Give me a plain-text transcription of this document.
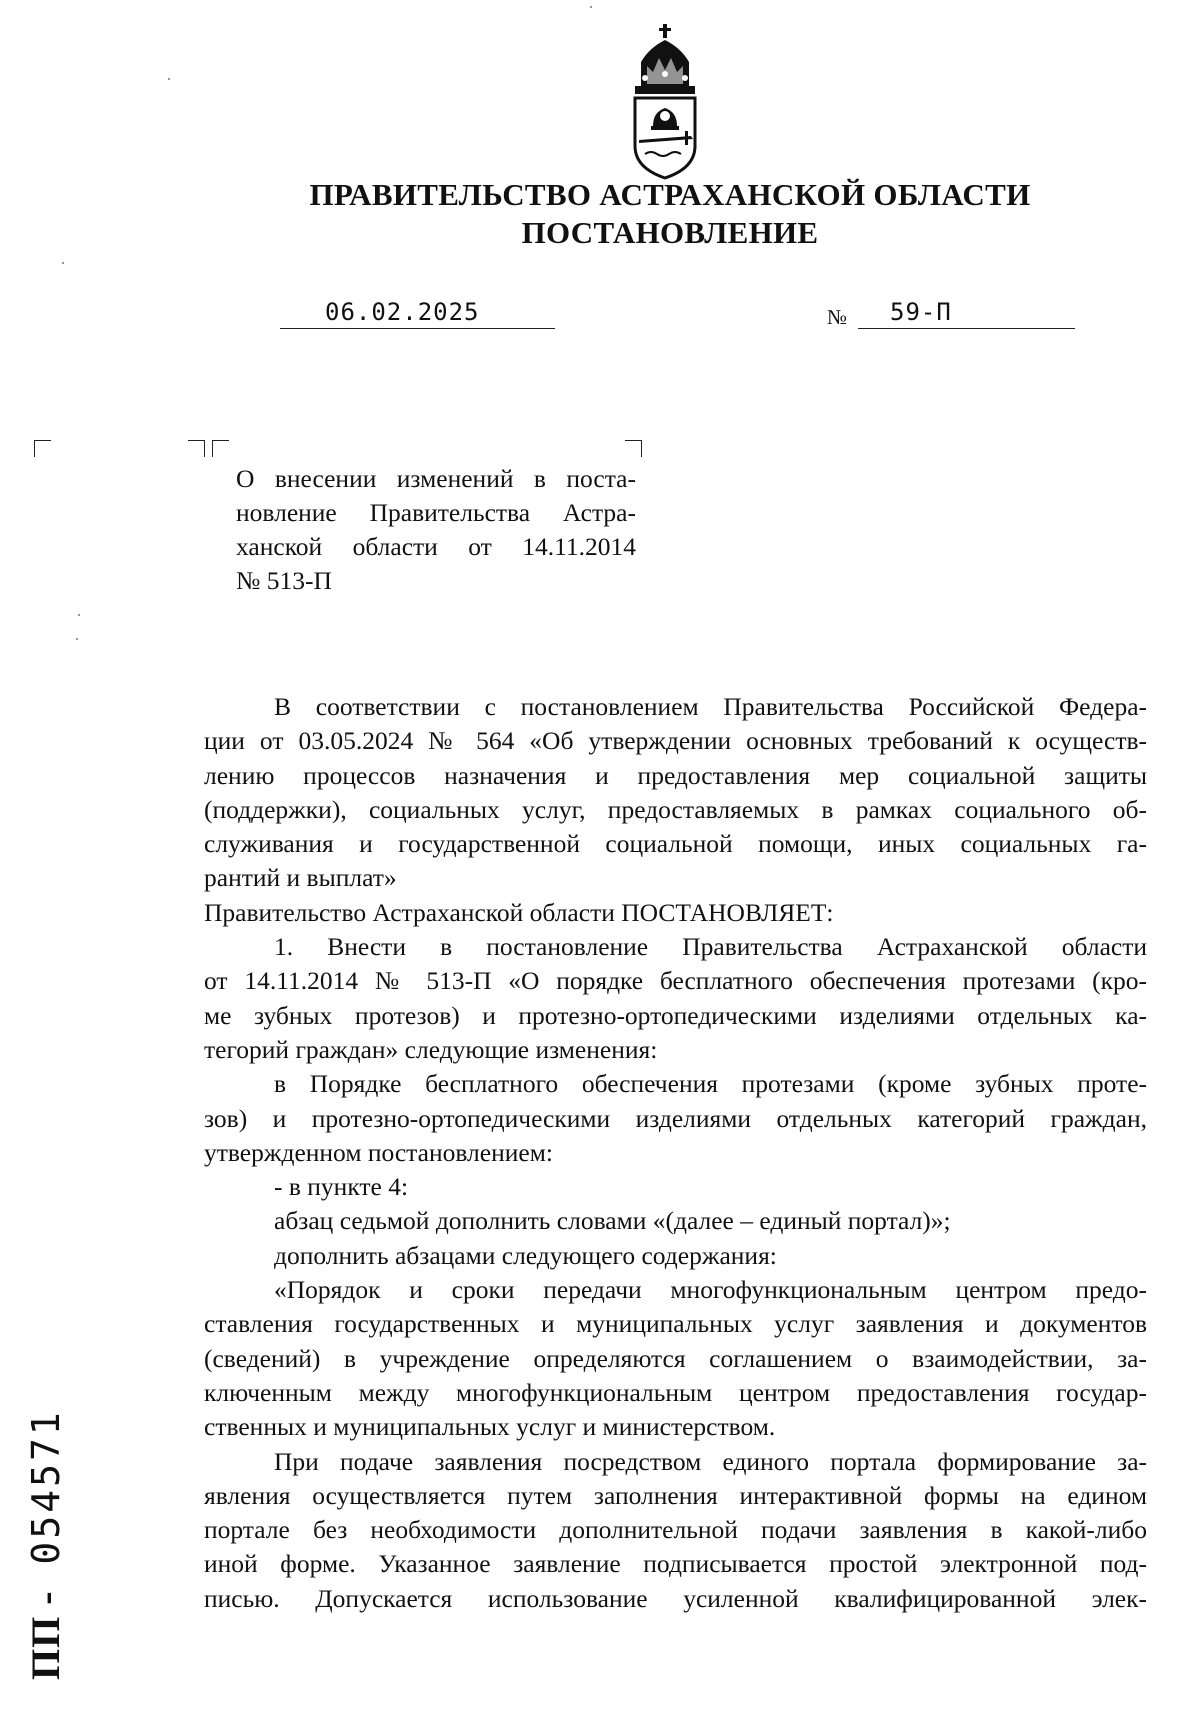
ПРАВИТЕЛЬСТВО АСТРАХАНСКОЙ ОБЛАСТИ
ПОСТАНОВЛЕНИЕ
06.02.2025	№ 59-П
О внесении изменений в поста-
новление Правительства Астра-
ханской области от 14.11.2014
№ 513-П
В соответствии с постановлением Правительства Российской Федера-
ции от 03.05.2024 № 564 «Об утверждении основных требований к осуществ-
лению процессов назначения и предоставления мер социальной защиты
(поддержки), социальных услуг, предоставляемых в рамках социального об-
служивания и государственной социальной помощи, иных социальных га-
рантий и выплат»
Правительство Астраханской области ПОСТАНОВЛЯЕТ:
1. Внести в постановление Правительства Астраханской области
от 14.11.2014 № 513-П «О порядке бесплатного обеспечения протезами (кро-
ме зубных протезов) и протезно-ортопедическими изделиями отдельных ка-
тегорий граждан» следующие изменения:
в Порядке бесплатного обеспечения протезами (кроме зубных проте-
зов) и протезно-ортопедическими изделиями отдельных категорий граждан,
утвержденном постановлением:
- в пункте 4:
абзац седьмой дополнить словами «(далее – единый портал)»;
дополнить абзацами следующего содержания:
«Порядок и сроки передачи многофункциональным центром предо-
ставления государственных и муниципальных услуг заявления и документов
(сведений) в учреждение определяются соглашением о взаимодействии, за-
ключенным между многофункциональным центром предоставления государ-
ственных и муниципальных услуг и министерством.
При подаче заявления посредством единого портала формирование за-
явления осуществляется путем заполнения интерактивной формы на едином
портале без необходимости дополнительной подачи заявления в какой-либо
иной форме. Указанное заявление подписывается простой электронной под-
писью. Допускается использование усиленной квалифицированной элек-
ПП - 054571
